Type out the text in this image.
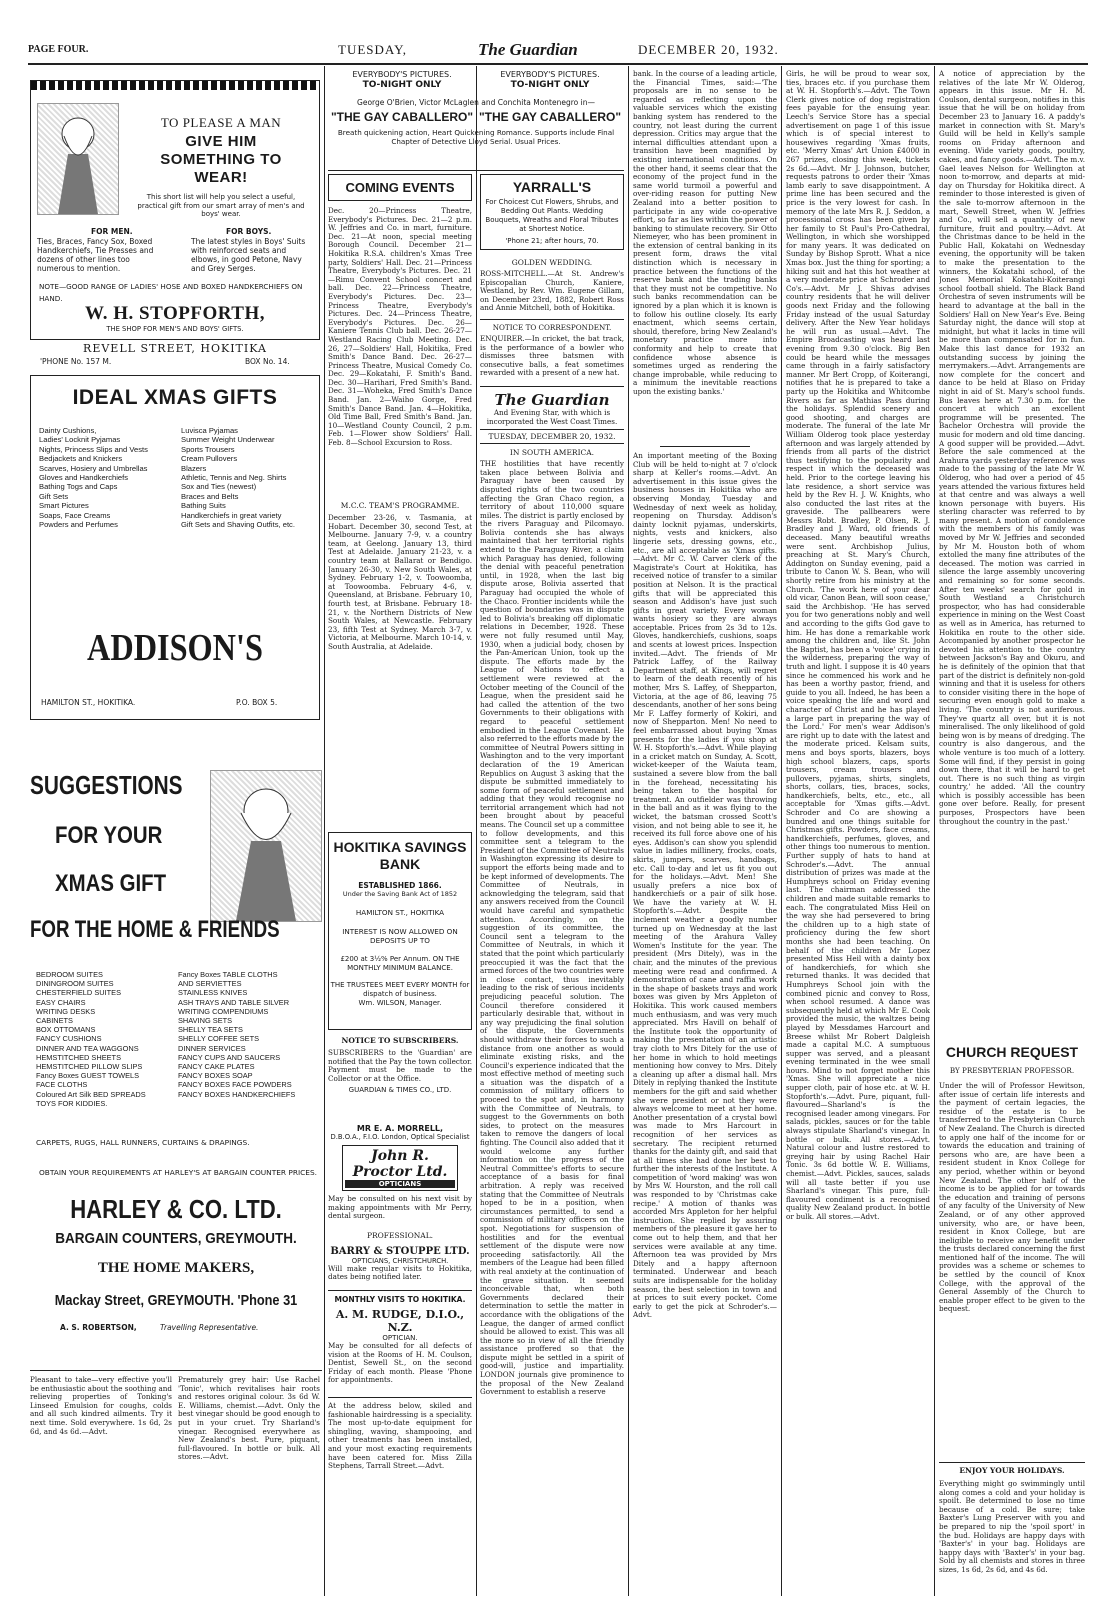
PAGE FOUR.	TUESDAY,	The Guardian	DECEMBER 20, 1932.
TO PLEASE A MAN
GIVE HIM
SOMETHING TO
WEAR!
This short list will help you select a useful, practical gift from our smart array of men's and boys' wear.
FOR MEN.	FOR BOYS.
Ties, Braces, Fancy Sox, Boxed Handkerchiefs, Tie Presses and dozens of other lines too numerous to mention.
The latest styles in Boys' Suits with reinforced seats and elbows, in good Petone, Navy and Grey Serges.
NOTE—GOOD RANGE OF LADIES' HOSE AND BOXED HANDKERCHIEFS ON HAND.
W. H. STOPFORTH,
THE SHOP FOR MEN'S AND BOYS' GIFTS.
REVELL STREET, HOKITIKA
'PHONE No. 157 M.	BOX No. 14.
IDEAL XMAS GIFTS
Dainty Cushions,
Ladies' Locknit Pyjamas
Nights, Princess Slips and Vests
Bedjackets and Knickers
Scarves, Hosiery and Umbrellas
Gloves and Handkerchiefs
Bathing Togs and Caps
Gift Sets
Smart Pictures
Soaps, Face Creams
Powders and Perfumes
Luvisca Pyjamas
Summer Weight Underwear
Sports Trousers
Cream Pullovers
Blazers
Athletic, Tennis and Neg. Shirts
Sox and Ties (newest)
Braces and Belts
Bathing Suits
Handkerchiefs in great variety
Gift Sets and Shaving Outfits, etc.
ADDISON'S
HAMILTON ST., HOKITIKA.	P.O. BOX 5.
SUGGESTIONS
FOR YOUR
XMAS GIFT
FOR THE HOME & FRIENDS
BEDROOM SUITES
DININGROOM SUITES
CHESTERFIELD SUITES
EASY CHAIRS
WRITING DESKS
CABINETS
BOX OTTOMANS
FANCY CUSHIONS
DINNER AND TEA WAGGONS
HEMSTITCHED SHEETS
HEMSTITCHED PILLOW SLIPS
Fancy Boxes GUEST TOWELS
FACE CLOTHS
Coloured Art Silk BED SPREADS
TOYS FOR KIDDIES.
Fancy Boxes TABLE CLOTHS
AND SERVIETTES
STAINLESS KNIVES
ASH TRAYS AND TABLE SILVER
WRITING COMPENDIUMS
SHAVING SETS
SHELLY TEA SETS
SHELLY COFFEE SETS
DINNER SERVICES
FANCY CUPS AND SAUCERS
FANCY CAKE PLATES
FANCY BOXES SOAP
FANCY BOXES FACE POWDERS
FANCY BOXES HANDKERCHIEFS
CARPETS, RUGS, HALL RUNNERS, CURTAINS & DRAPINGS.
OBTAIN YOUR REQUIREMENTS AT HARLEY'S AT BARGAIN COUNTER PRICES.
HARLEY & CO. LTD.
BARGAIN COUNTERS, GREYMOUTH.
THE HOME MAKERS,
Mackay Street, GREYMOUTH. 'Phone 31
A. S. ROBERTSON,	Travelling Representative.
Pleasant to take—very effective you'll be enthusiastic about the soothing and relieving properties of Tonking's Linseed Emulsion for coughs, colds and all such kindred ailments. Try it next time. Sold everywhere. 1s 6d, 2s 6d, and 4s 6d.—Advt.
Prematurely grey hair: Use Rachel 'Tonic', which revitalises hair roots and restores original colour. 3s 6d W. E. Williams, chemist.—Advt. Only the best vinegar should be good enough to put in your cruet. Try Sharland's vinegar. Recognised everywhere as New Zealand's best. Pure, piquant, full-flavoured. In bottle or bulk. All stores.—Advt.
EVERYBODY'S PICTURES.
TO-NIGHT ONLY
EVERYBODY'S PICTURES.
TO-NIGHT ONLY
George O'Brien, Victor McLaglen and Conchita Montenegro in—
"THE GAY CABALLERO" "THE GAY CABALLERO"
Breath quickening action, Heart Quickening Romance. Supports include Final Chapter of Detective Lloyd Serial. Usual Prices.
COMING EVENTS
Dec. 20—Princess Theatre, Everybody's Pictures. Dec. 21—2 p.m. W. Jeffries and Co. in mart, furniture. Dec. 21—At noon, special meeting Borough Council. December 21—Hokitika R.S.A. children's Xmas Tree party, Soldiers' Hall. Dec. 21—Princess Theatre, Everybody's Pictures. Dec. 21—Rimu Convent School concert and ball. Dec. 22—Princess Theatre, Everybody's Pictures. Dec. 23—Princess Theatre, Everybody's Pictures. Dec. 24—Princess Theatre, Everybody's Pictures. Dec. 26—Kaniere Tennis Club ball. Dec. 26-27—Westland Racing Club Meeting. Dec. 26, 27—Soldiers' Hall, Hokitika, Fred Smith's Dance Band. Dec. 26-27—Princess Theatre, Musical Comedy Co. Dec. 29—Kokatahi, F. Smith's Band. Dec. 30—Harihari, Fred Smith's Band. Dec. 31—Woheka, Fred Smith's Dance Band. Jan. 2—Waiho Gorge, Fred Smith's Dance Band. Jan. 4—Hokitika, Old Time Ball, Fred Smith's Band. Jan. 10—Westland County Council, 2 p.m. Feb. 1—Flower show Soldiers' Hall. Feb. 8—School Excursion to Ross.
M.C.C. TEAM'S PROGRAMME.
December 23-26, v. Tasmania, at Hobart. December 30, second Test, at Melbourne. January 7-9, v. a country team, at Geelong. January 13, third Test at Adelaide. January 21-23, v. a country team at Ballarat or Bendigo. January 26-30, v. New South Wales, at Sydney. February 1-2, v. Toowoomba, at Toowoomba. February 4-6, v. Queensland, at Brisbane. February 10, fourth test, at Brisbane. February 18-21, v. the Northern Districts of New South Wales, at Newcastle. February 23, fifth Test at Sydney. March 3-7, v. Victoria, at Melbourne. March 10-14, v. South Australia, at Adelaide.
HOKITIKA SAVINGS BANK
ESTABLISHED 1866.
Under the Saving Bank Act of 1852
HAMILTON ST., HOKITIKA
INTEREST IS NOW ALLOWED ON DEPOSITS UP TO
£200 at 3½% Per Annum. ON THE MONTHLY MINIMUM BALANCE.
THE TRUSTEES MEET EVERY MONTH for dispatch of business.
Wm. WILSON, Manager.
NOTICE TO SUBSCRIBERS.
SUBSCRIBERS to the 'Guardian' are notified that the Pay the town collector. Payment must be made to the Collector or at the Office.
GUARDIAN & TIMES CO., LTD.
MR E. A. MORRELL,
D.B.O.A., F.I.O. London, Optical Specialist
John R. Proctor Ltd.
OPTICIANS
May be consulted on his next visit by making appointments with Mr Perry, dental surgeon.
PROFESSIONAL.
BARRY & STOUPPE LTD.
OPTICIANS, CHRISTCHURCH.
Will make regular visits to Hokitika, dates being notified later.
MONTHLY VISITS TO HOKITIKA.
A. M. RUDGE, D.I.O., N.Z.
OPTICIAN.
May be consulted for all defects of vision at the Rooms of H. M. Coulson, Dentist, Sewell St., on the second Friday of each month. Please 'Phone for appointments.
At the address below, skiled and fashionable hairdressing is a speciality. The most up-to-date equipment for shingling, waving, shampooing, and other treatments has been installed, and your most exacting requirements have been catered for. Miss Zilla Stephens, Tarrall Street.—Advt.
YARRALL'S
For Choicest Cut Flowers, Shrubs, and Bedding Out Plants. Wedding Bouquets, Wreaths and Floral Tributes at Shortest Notice.
'Phone 21; after hours, 70.
GOLDEN WEDDING.
ROSS-MITCHELL.—At St. Andrew's Episcopalian Church, Kaniere, Westland, by Rev. Wm. Eugene Gillam, on December 23rd, 1882, Robert Ross and Annie Mitchell, both of Hokitika.
NOTICE TO CORRESPONDENT.
ENQUIRER.—In cricket, the bat track, is the performance of a bowler who dismisses three batsmen with consecutive balls, a feat sometimes rewarded with a present of a new hat.
The Guardian
And Evening Star, with which is incorporated the West Coast Times.
TUESDAY, DECEMBER 20, 1932.
IN SOUTH AMERICA.
THE hostilities that have recently taken place between Bolivia and Paraguay have been caused by disputed rights of the two countries affecting the Gran Chaco region, a territory of about 110,000 square miles. The district is partly enclosed by the rivers Paraguay and Pilcomayo. Bolivia contends she has always maintained that her territorial rights extend to the Paraguay River, a claim which Paraguay has denied, following the denial with peaceful penetration until, in 1928, when the last big dispute arose, Bolivia asserted that Paraguay had occupied the whole of the Chaco. Frontier incidents while the question of boundaries was in dispute led to Bolivia's breaking off diplomatic relations in December, 1928. These were not fully resumed until May, 1930, when a judicial body, chosen by the Pan-American Union, took up the dispute. The efforts made by the League of Nations to effect a settlement were reviewed at the October meeting of the Council of the League, when the president said he had called the attention of the two Governments to their obligations with regard to peaceful settlement embodied in the League Covenant. He also referred to the efforts made by the committee of Neutral Powers sitting in Washington and to the very important declaration of the 19 American Republics on August 3 asking that the dispute be submitted immediately to some form of peaceful settlement and adding that they would recognise no territorial arrangement which had not been brought about by peaceful means. The Council set up a committee to follow developments, and this committee sent a telegram to the President of the Committee of Neutrals in Washington expressing its desire to support the efforts being made and to be kept informed of developments. The Committee of Neutrals, in acknowledging the telegram, said that any answers received from the Council would have careful and sympathetic attention. Accordingly, on the suggestion of its committee, the Council sent a telegram to the Committee of Neutrals, in which it stated that the point which particularly preoccupied it was the fact that the armed forces of the two countries were in close contact, thus inevitably leading to the risk of serious incidents prejudicing peaceful solution. The Council therefore considered it particularly desirable that, without in any way prejudicing the final solution of the dispute, the Governments should withdraw their forces to such a distance from one another as would eliminate existing risks, and the Council's experience indicated that the most effective method of meeting such a situation was the dispatch of a commission of military officers to proceed to the spot and, in harmony with the Committee of Neutrals, to suggest to the Governments on both sides, to protect on the measures taken to remove the dangers of local fighting. The Council also added that it would welcome any further information on the progress of the Neutral Committee's efforts to secure acceptance of a basis for final arbitration. A reply was received stating that the Committee of Neutrals hoped to be in a position, when circumstances permitted, to send a commission of military officers on the spot. Negotiations for suspension of hostilities and for the eventual settlement of the dispute were now proceeding satisfactorily. All the members of the League had been filled with real anxiety at the continuation of the grave situation. It seemed inconceivable that, when both Governments declared their determination to settle the matter in accordance with the obligations of the League, the danger of armed conflict should be allowed to exist. This was all the more so in view of all the friendly assistance proffered so that the dispute might be settled in a spirit of good-will, justice and impartiality. LONDON journals give prominence to the proposal of the New Zealand Government to establish a reserve
bank. In the course of a leading article, the Financial Times, said:—'The proposals are in no sense to be regarded as reflecting upon the valuable services which the existing banking system has rendered to the country, not least during the current depression. Critics may argue that the internal difficulties attendant upon a transition have been magnified by existing international conditions. On the other hand, it seems clear that the economy of the project fund in the same world turmoil a powerful and over-riding reason for putting New Zealand into a better position to participate in any wide co-operative effort, so far as lies within the power of banking to stimulate recovery. Sir Otto Niemeyer, who has been prominent in the extension of central banking in its present form, draws the vital distinction which is necessary in practice between the functions of the reserve bank and the trading banks that they must not be competitive. No such banks recommendation can be ignored by a plan which it is known is to follow his outline closely. Its early enactment, which seems certain, should, therefore, bring New Zealand's monetary practice more into conformity and help to create that confidence whose absence is sometimes urged as rendering the change improbable, while reducing to a minimum the inevitable reactions upon the existing banks.'
An important meeting of the Boxing Club will be held to-night at 7 o'clock sharp at Keller's rooms.—Advt. An advertisement in this issue gives the business houses in Hokitika who are observing Monday, Tuesday and Wednesday of next week as holiday, reopening on Thursday. Addison's dainty locknit pyjamas, underskirts, nights, vests and knickers, also lingerie sets, dressing gowns, etc., etc., are all acceptable as 'Xmas gifts.—Advt. Mr C. W. Carver clerk of the Magistrate's Court at Hokitika, has received notice of transfer to a similar position at Nelson. It is the practical gifts that will be appreciated this season and Addison's have just such gifts in great variety. Every woman wants hosiery so they are always acceptable. Prices from 2s 3d to 12s. Gloves, handkerchiefs, cushions, soaps and scents at lowest prices. Inspection invited.—Advt. The friends of Mr Patrick Laffey, of the Railway Department staff, at Kings, will regret to learn of the death recently of his mother, Mrs S. Laffey, of Shepparton, Victoria, at the age of 86, leaving 75 descendants, another of her sons being Mr F. Laffey formerly of Kokiri, and now of Shepparton. Men! No need to feel embarrassed about buying 'Xmas presents for the ladies if you shop at W. H. Stopforth's.—Advt. While playing in a cricket match on Sunday, A. Scott, wicket-keeper of the Waiuta team, sustained a severe blow from the ball in the forehead, necessitating his being taken to the hospital for treatment. An outfielder was throwing in the ball and as it was flying to the wicket, the batsman crossed Scott's vision, and not being able to see it, he received its full force above one of his eyes. Addison's can show you splendid value in ladies millinery, frocks, coats, skirts, jumpers, scarves, handbags, etc. Call to-day and let us fit you out for the holidays.—Advt. Men! She usually prefers a nice box of handkerchiefs or a pair of silk hose. We have the variety at W. H. Stopforth's.—Advt. Despite the inclement weather a goodly number turned up on Wednesday at the last meeting of the Arahura Valley Women's Institute for the year. The president (Mrs Ditely), was in the chair, and the minutes of the previous meeting were read and confirmed. A demonstration of cane and raffia work in the shape of baskets trays and work boxes was given by Mrs Appleton of Hokitika. This work caused members much enthusiasm, and was very much appreciated. Mrs Havill on behalf of the Institute took the opportunity of making the presentation of an artistic tray cloth to Mrs Ditely for the use of her home in which to hold meetings mentioning how convey to Mrs. Ditely a cleaning up after a dismal hall. Mrs Ditely in replying thanked the Institute members for the gift and said whether she were president or not they were always welcome to meet at her home. Another presentation of a crystal bowl was made to Mrs Harcourt in recognition of her services as secretary. The recipient returned thanks for the dainty gift, and said that at all times she had done her best to further the interests of the Institute. A competition of 'word making' was won by Mrs W. Hourston, and the roll call was responded to by 'Christmas cake recipe.' A motion of thanks was accorded Mrs Appleton for her helpful instruction. She replied by assuring members of the pleasure it gave her to come out to help them, and that her services were available at any time. Afternoon tea was provided by Mrs Ditely and a happy afternoon terminated. Underwear and beach suits are indispensable for the holiday season, the best selection in town and at prices to suit every pocket. Come early to get the pick at Schroder's.—Advt.
Girls, he will be proud to wear sox, ties, braces etc. if you purchase them at W. H. Stopforth's.—Advt. The Town Clerk gives notice of dog registration fees payable for the ensuing year. Leech's Service Store has a special advertisement on page 1 of this issue which is of special interest to housewives regarding 'Xmas fruits, etc. 'Merry Xmas' Art Union £4000 in 267 prizes, closing this week, tickets 2s 6d.—Advt. Mr J. Johnson, butcher, requests patrons to order their 'Xmas lamb early to save disappointment. A prime line has been secured and the price is the very lowest for cash. In memory of the late Mrs R. J. Seddon, a processional cross has been given by her family to St Paul's Pro-Cathedral, Wellington, in which she worshipped for many years. It was dedicated on Sunday by Bishop Sprott. What a nice Xmas box. Just the thing for sporting; a hiking suit and hat this hot weather at a very moderate price at Schroder and Co's.—Advt. Mr J. Shivas advises country residents that he will deliver goods next Friday and the following Friday instead of the usual Saturday delivery. After the New Year holidays he will run as usual.—Advt. The Empire Broadcasting was heard last evening from 9.30 o'clock. Big Ben could be heard while the messages came through in a fairly satisfactory manner. Mr Bert Cropp, of Koiterangi, notifies that he is prepared to take a party up the Hokitika and Whitcombe Rivers as far as Mathias Pass during the holidays. Splendid scenery and good shooting, and charges are moderate. The funeral of the late Mr William Olderog took place yesterday afternoon and was largely attended by friends from all parts of the district thus testifying to the popularity and respect in which the deceased was held. Prior to the cortege leaving his late residence, a short service was held by the Rev H. J. W. Knights, who also conducted the last rites at the graveside. The pallbearers were Messrs Robt. Bradley, P. Olsen, R. J. Bradley and J. Ward, old friends of deceased. Many beautiful wreaths were sent. Archbishop Julius, preaching at St. Mary's Church, Addington on Sunday evening, paid a tribute to Canon W. S. Bean, who will shortly retire from his ministry at the Church. 'The work here of your dear old vicar, Canon Bean, will soon cease,' said the Archbishop. 'He has served you for two generations nobly and well and according to the gifts God gave to him. He has done a remarkable work among the children and, like St. John the Baptist, has been a 'voice' crying in the wilderness, preparing the way of truth and light. I suppose it is 40 years since he commenced his work and he has been a worthy pastor, friend, and guide to you all. Indeed, he has been a voice speaking the life and word and character of Christ and he has played a large part in preparing the way of the Lord.' For men's wear Addison's are right up to date with the latest and the moderate priced. Kelsam suits, mens and boys sports, blazers, boys high school blazers, caps, sports trousers, cream trousers and pullovers, pyjamas, shirts, singlets, shorts, collars, ties, braces, socks, handkerchiefs, belts, etc., etc., all acceptable for 'Xmas gifts.—Advt. Schroder and Co are showing a bundred and one things suitable for Christmas gifts. Powders, face creams, handkerchiefs, perfumes, gloves, and other things too numerous to mention. Further supply of hats to hand at Schroder's.—Advt. The annual distribution of prizes was made at the Humphreys school on Friday evening last. The chairman addressed the children and made suitable remarks to each. The congratulated Miss Heil on the way she had persevered to bring the children up to a high state of proficiency during the few short months she had been teaching. On behalf of the children Mr Lopez presented Miss Heil with a dainty box of handkerchiefs, for which she returned thanks. It was decided that Humphreys School join with the combined picnic and convey to Ross, when school resumed. A dance was subsequently held at which Mr E. Cook provided the music, the waltzes being played by Messdames Harcourt and Breese whilst Mr Robert Dalgleish made a capital M.C. A sumptuous supper was served, and a pleasant evening terminated in the wee small hours. Mind to not forget mother this 'Xmas. She will appreciate a nice supper cloth, pair of hose etc. at W. H. Stopforth's.—Advt. Pure, piquant, full-flavoured—Sharland's is the recognised leader among vinegars. For salads, pickles, sauces or for the table always stipulate Sharland's vinegar. In bottle or bulk. All stores.—Advt. Natural colour and lustre restored to greying hair by using Rachel Hair Tonic. 3s 6d bottle W. E. Williams, chemist.—Advt. Pickles, sauces, salads will all taste better if you use Sharland's vinegar. This pure, full-flavoured condiment is a recognised quality New Zealand product. In bottle or bulk. All stores.—Advt.
A notice of appreciation by the relatives of the late Mr W. Olderog, appears in this issue. Mr H. M. Coulson, dental surgeon, notifies in this issue that he will be on holiday from December 23 to January 16. A paddy's market in connection with St. Mary's Guild will be held in Kelly's sample rooms on Friday afternoon and evening. Wide variety goods, poultry, cakes, and fancy goods.—Advt. The m.v. Gael leaves Nelson for Wellington at noon to-morrow, and departs at mid-day on Thursday for Hokitika direct. A reminder to those interested is given of the sale to-morrow afternoon in the mart, Sewell Street, when W. Jeffries and Co., will sell a quantity of new furniture, fruit and poultry.—Advt. At the Christmas dance to be held in the Public Hall, Kokatahi on Wednesday evening, the opportunity will be taken to make the presentation to the winners, the Kokatahi school, of the Jones Memorial Kokatahi-Koiterangi school football shield. The Black Band Orchestra of seven instruments will be heard to advantage at the ball in the Soldiers' Hall on New Year's Eve. Being Saturday night, the dance will stop at midnight, but what it lacks in time will be more than compensated for in fun. Make this last dance for 1932 an outstanding success by joining the merrymakers.—Advt. Arrangements are now complete for the concert and dance to be held at Blaso on Friday night in aid of St. Mary's school funds. Bus leaves here at 7.30 p.m. for the concert at which an excellent programme will be presented. The Bachelor Orchestra will provide the music for modern and old time dancing. A good supper will be provided.—Advt. Before the sale commenced at the Arahura yards yesterday reference was made to the passing of the late Mr W. Olderog, who had over a period of 45 years attended the various fixtures held at that centre and was always a well known personage with buyers. His sterling character was referred to by many present. A motion of condolence with the members of his family was moved by Mr W. Jeffries and seconded by Mr M. Houston both of whom extolled the many fine attributes of the deceased. The motion was carried in silence the large assembly uncovering and remaining so for some seconds. After ten weeks' search for gold in South Westland a Christchurch prospector, who has had considerable experience in mining on the West Coast as well as in America, has returned to Hokitika en route to the other side. Accompanied by another prospector he devoted his attention to the country between Jackson's Bay and Okuru, and he is definitely of the opinion that that part of the district is definitely non-gold winning and that it is useless for others to consider visiting there in the hope of securing even enough gold to make a living. 'The country is not auriferous. They've quartz all over, but it is not mineralised. The only likelihood of gold being won is by means of dredging. The country is also dangerous, and the whole venture is too much of a lottery. Some will find, if they persist in going down there, that it will be hard to get out. There is no such thing as virgin country,' he added. 'All the country which is possibly accessible has been gone over before. Really, for present purposes, Prospectors have been throughout the country in the past.'
CHURCH REQUEST
BY PRESBYTERIAN PROFESSOR.
Under the will of Professor Hewitson, after issue of certain life interests and the payment of certain legacies, the residue of the estate is to be transferred to the Presbyterian Church of New Zealand. The Church is directed to apply one half of the income for or towards the education and training of persons who are, are have been a resident student in Knox College for any period, whether within or beyond New Zealand. The other half of the income is to be applied for or towards the education and training of persons of any faculty of the University of New Zealand, or of any other approved university, who are, or have been, resident in Knox College, but are ineligible to receive any benefit under the trusts declared concerning the first mentioned half of the income. The will provides was a scheme or schemes to be settled by the council of Knox College, with the approval of the General Assembly of the Church to enable proper effect to be given to the bequest.
ENJOY YOUR HOLIDAYS.
Everything might go swimmingly until along comes a cold and your holiday is spoilt. Be determined to lose no time because of a cold. Be sure; take Baxter's Lung Preserver with you and be prepared to nip the 'spoil sport' in the bud. Holidays are happy days with 'Baxter's' in your bag. Holidays are happy days with 'Baxter's' in your bag. Sold by all chemists and stores in three sizes, 1s 6d, 2s 6d, and 4s 6d.
